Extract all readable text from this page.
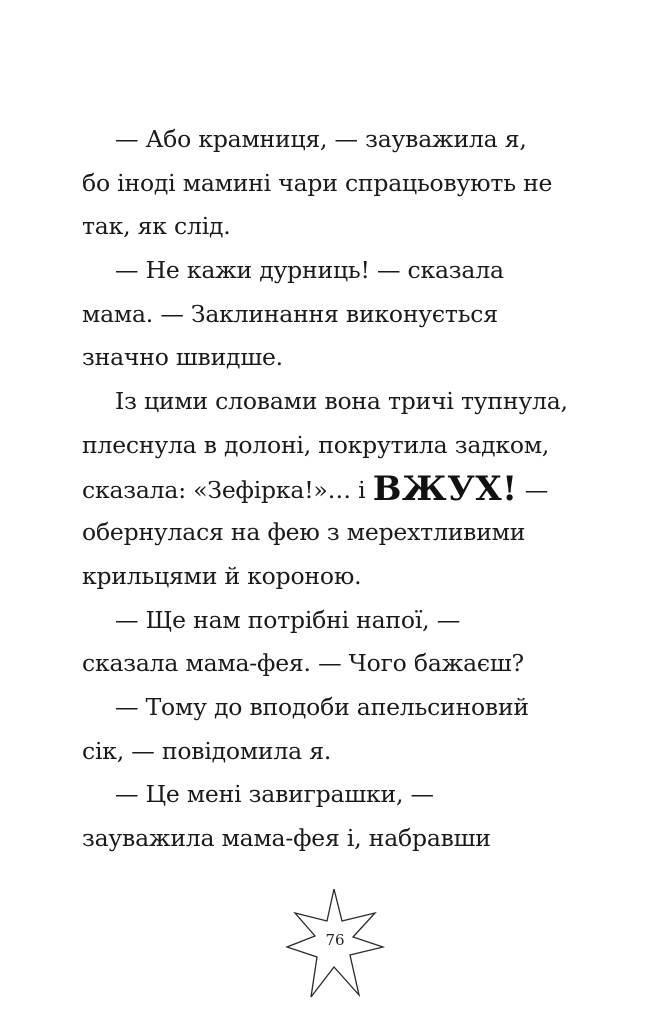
— Або крамниця, — зауважила я,
бо іноді мамині чари спрацьовують не
так, як слід.
— Не кажи дурниць! — сказала
мама. — Заклинання виконується
значно швидше.
Із цими словами вона тричі тупнула,
плеснула в долоні, покрутила задком,
сказала: «Зефірка!»… і ВЖУХ! —
обернулася на фею з мерехтливими
крильцями й короною.
— Ще нам потрібні напої, —
сказала мама-фея. — Чого бажаєш?
— Тому до вподоби апельсиновий
сік, — повідомила я.
— Це мені завиграшки, —
зауважила мама-фея і, набравши
76
